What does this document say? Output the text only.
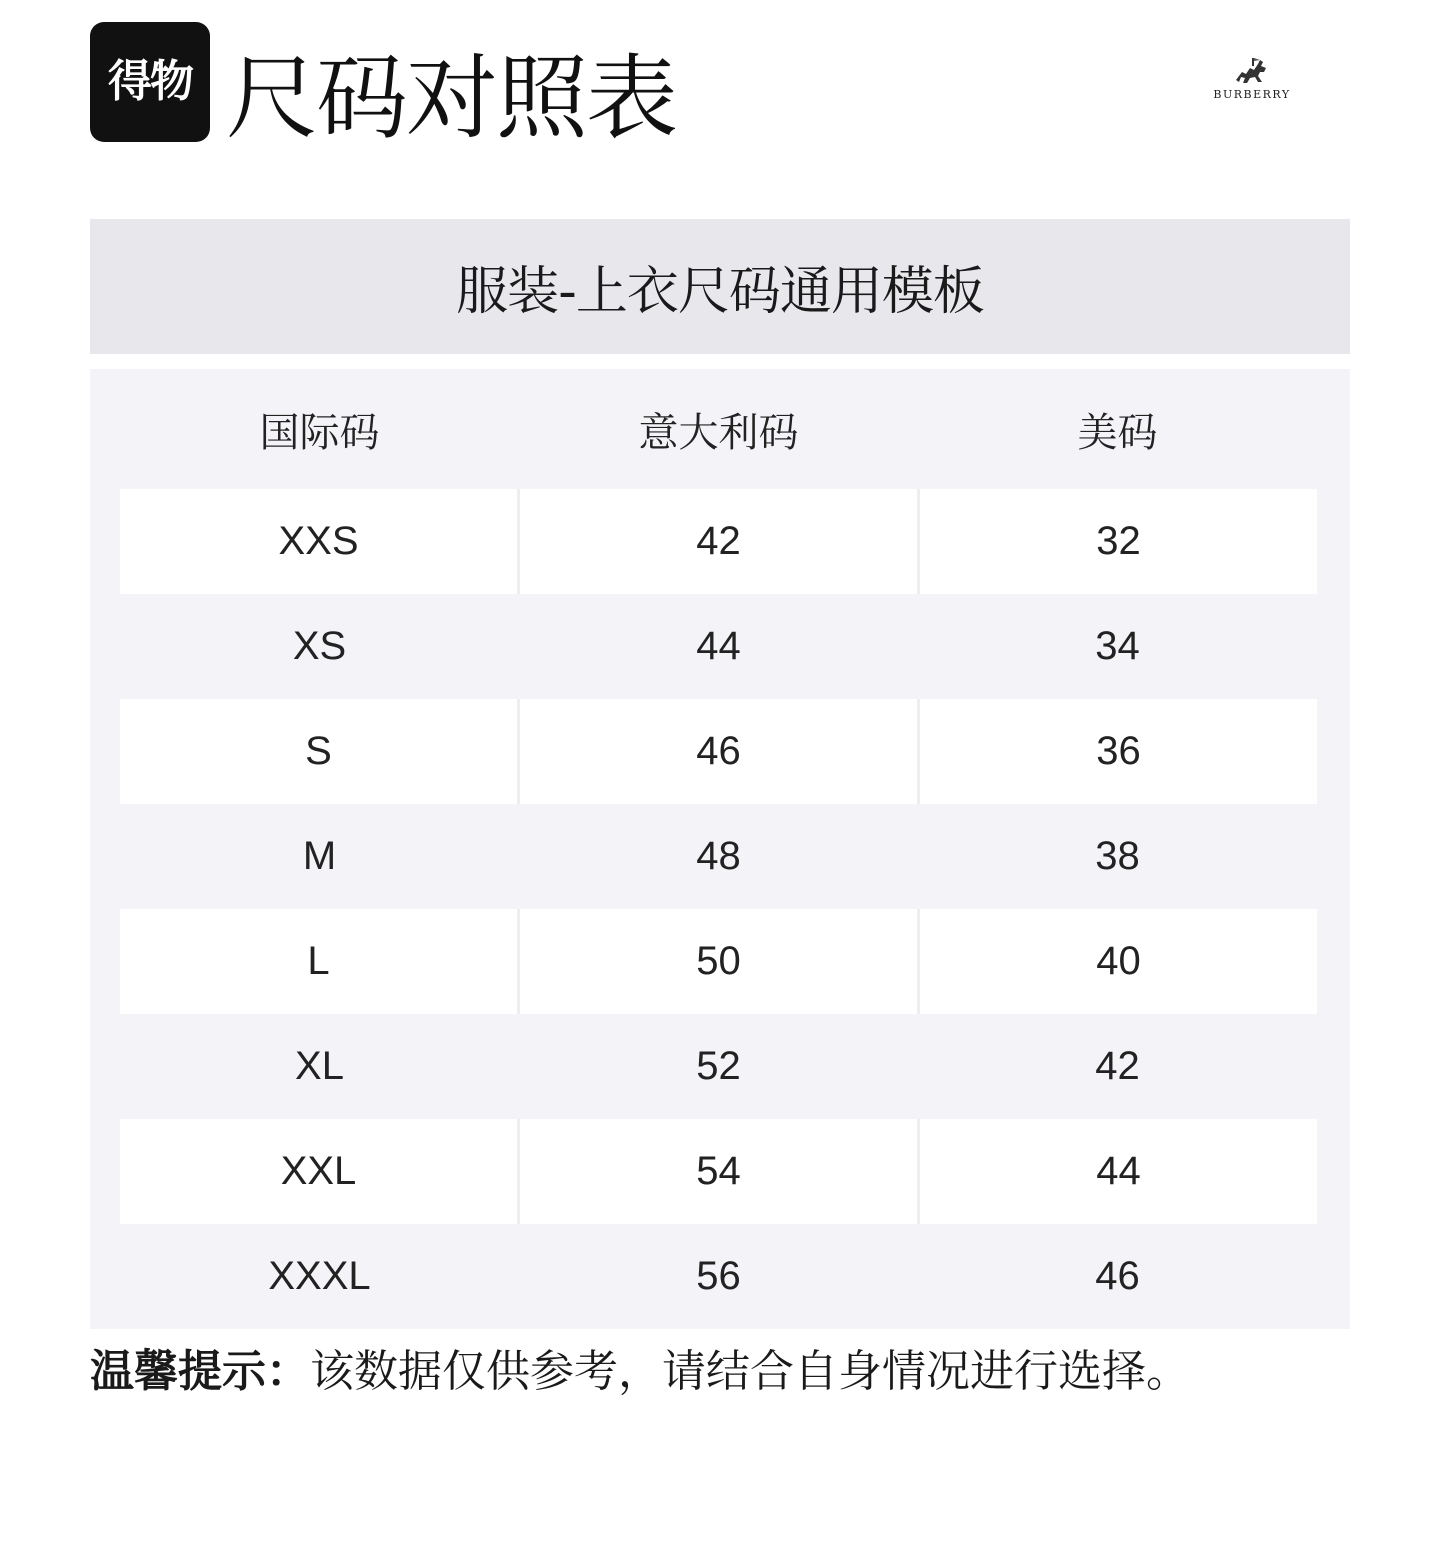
得物 尺码对照表	BURBERRY
服装-上衣尺码通用模板
国际码	意大利码	美码
XXS	42	32
XS	44	34
S	46	36
M	48	38
L	50	40
XL	52	42
XXL	54	44
XXXL	56	46
温馨提示：该数据仅供参考，请结合自身情况进行选择。
